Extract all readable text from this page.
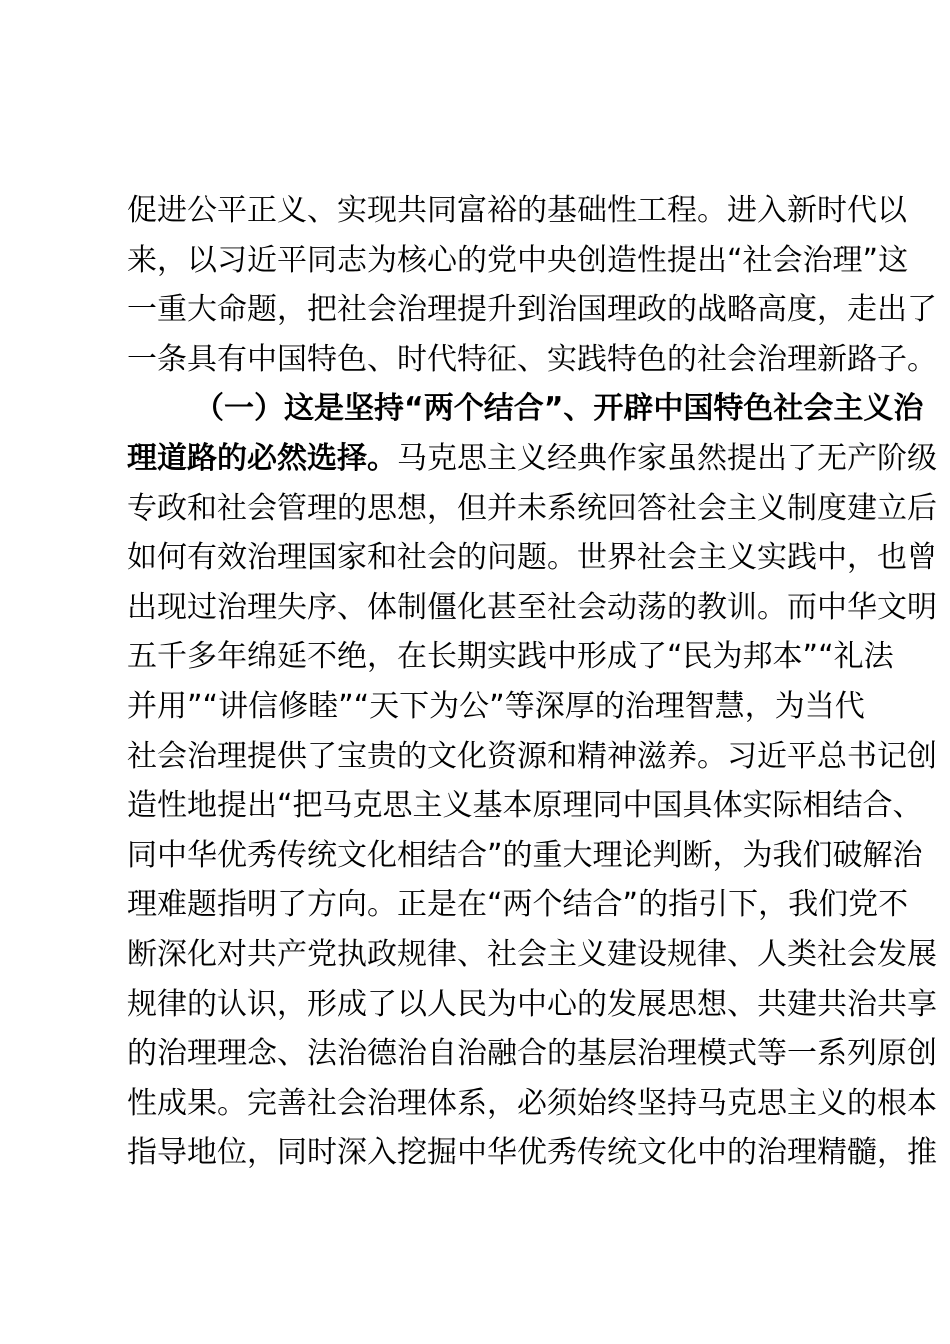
促进公平正义、实现共同富裕的基础性工程。进入新时代以
来，以习近平同志为核心的党中央创造性提出“社会治理”这
一重大命题，把社会治理提升到治国理政的战略高度，走出了
一条具有中国特色、时代特征、实践特色的社会治理新路子。
（一）这是坚持“两个结合”、开辟中国特色社会主义治
理道路的必然选择。马克思主义经典作家虽然提出了无产阶级
专政和社会管理的思想，但并未系统回答社会主义制度建立后
如何有效治理国家和社会的问题。世界社会主义实践中，也曾
出现过治理失序、体制僵化甚至社会动荡的教训。而中华文明
五千多年绵延不绝，在长期实践中形成了“民为邦本”“礼法
并用”“讲信修睦”“天下为公”等深厚的治理智慧，为当代
社会治理提供了宝贵的文化资源和精神滋养。习近平总书记创
造性地提出“把马克思主义基本原理同中国具体实际相结合、
同中华优秀传统文化相结合”的重大理论判断，为我们破解治
理难题指明了方向。正是在“两个结合”的指引下，我们党不
断深化对共产党执政规律、社会主义建设规律、人类社会发展
规律的认识，形成了以人民为中心的发展思想、共建共治共享
的治理理念、法治德治自治融合的基层治理模式等一系列原创
性成果。完善社会治理体系，必须始终坚持马克思主义的根本
指导地位，同时深入挖掘中华优秀传统文化中的治理精髓，推
